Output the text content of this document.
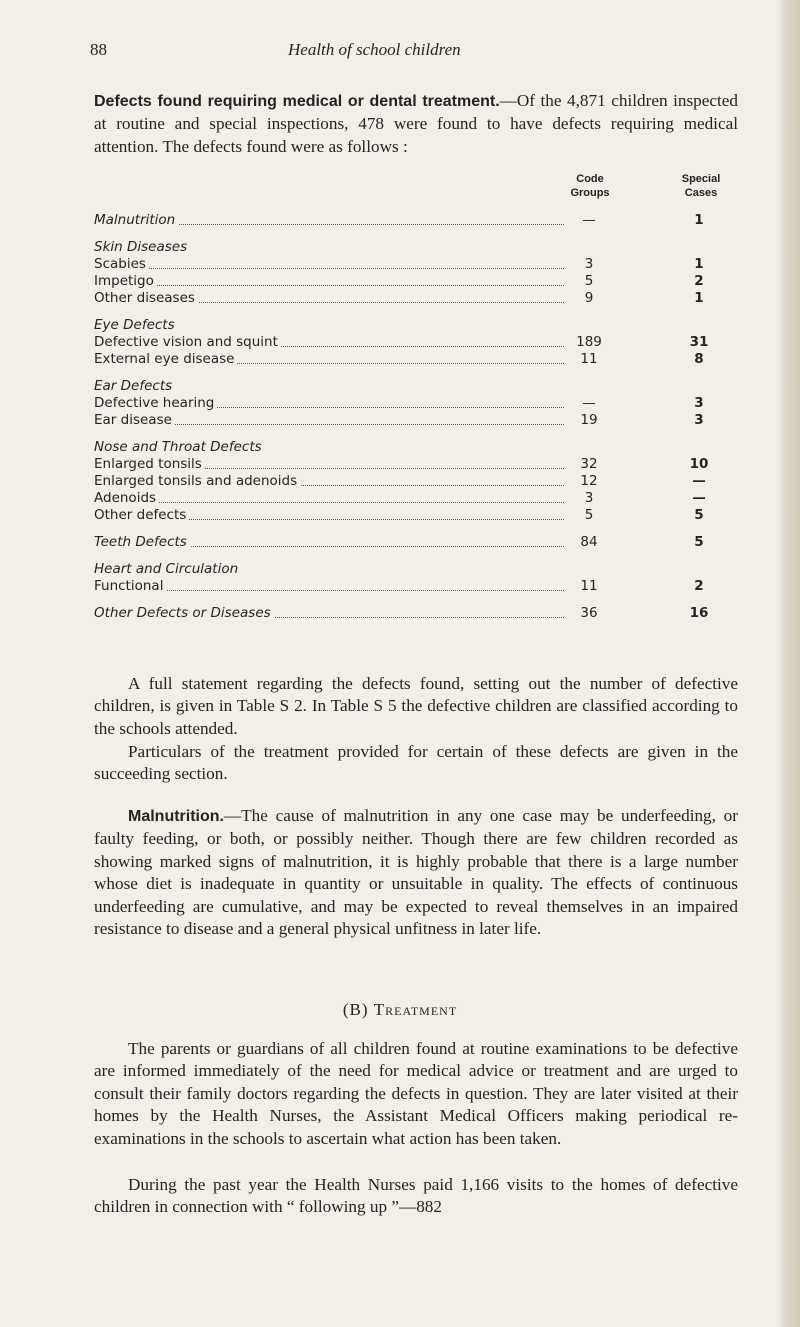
88	Health of school children
Defects found requiring medical or dental treatment.—Of the 4,871 children inspected at routine and special inspections, 478 were found to have defects requiring medical attention. The defects found were as follows :
Code Groups
Special Cases
Malnutrition	—	1
Skin Diseases
Scabies	3	1
Impetigo	5	2
Other diseases	9	1
Eye Defects
Defective vision and squint	189	31
External eye disease	11	8
Ear Defects
Defective hearing	—	3
Ear disease	19	3
Nose and Throat Defects
Enlarged tonsils	32	10
Enlarged tonsils and adenoids	12	—
Adenoids	3	—
Other defects	5	5
Teeth Defects	84	5
Heart and Circulation
Functional	11	2
Other Defects or Diseases	36	16
A full statement regarding the defects found, setting out the number of defective children, is given in Table S 2. In Table S 5 the defective children are classified according to the schools attended.
Particulars of the treatment provided for certain of these defects are given in the succeeding section.
Malnutrition.—The cause of malnutrition in any one case may be underfeeding, or faulty feeding, or both, or possibly neither. Though there are few children recorded as showing marked signs of malnutrition, it is highly probable that there is a large number whose diet is inadequate in quantity or unsuitable in quality. The effects of continuous underfeeding are cumulative, and may be expected to reveal themselves in an impaired resistance to disease and a general physical unfitness in later life.
(B) Treatment
The parents or guardians of all children found at routine examinations to be defective are informed immediately of the need for medical advice or treatment and are urged to consult their family doctors regarding the defects in question. They are later visited at their homes by the Health Nurses, the Assistant Medical Officers making periodical re-examinations in the schools to ascertain what action has been taken.
During the past year the Health Nurses paid 1,166 visits to the homes of defective children in connection with “ following up ”—882
